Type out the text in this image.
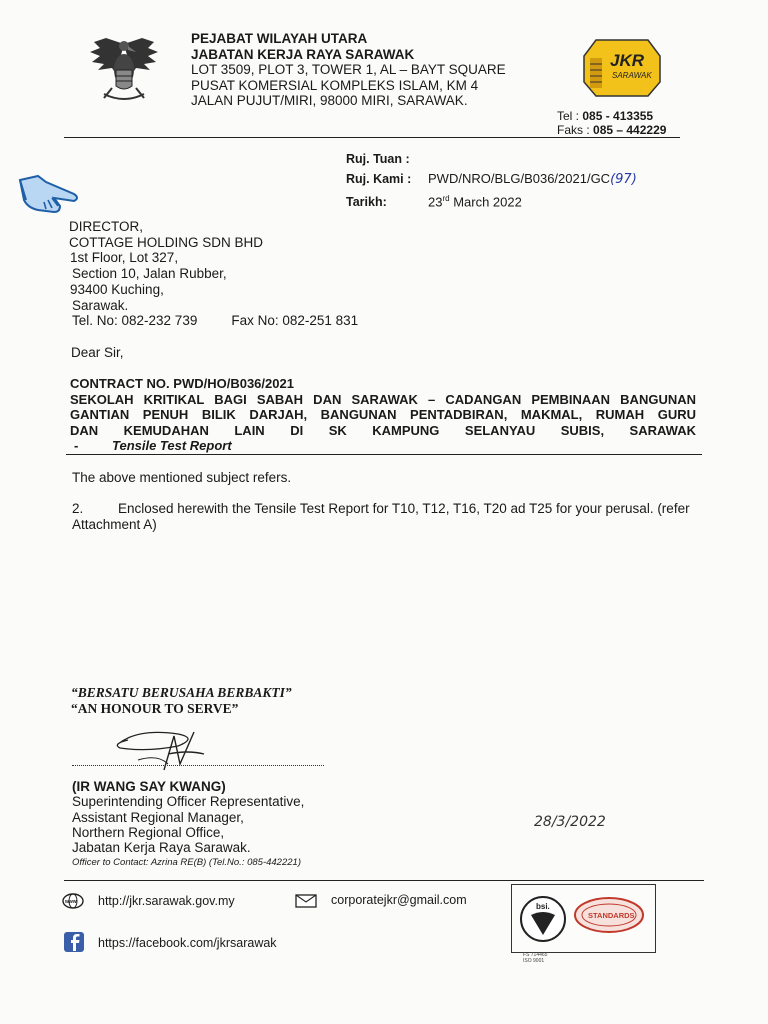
PEJABAT WILAYAH UTARA
JABATAN KERJA RAYA SARAWAK
LOT 3509, PLOT 3, TOWER 1, AL – BAYT SQUARE
PUSAT KOMERSIAL KOMPLEKS ISLAM, KM 4
JALAN PUJUT/MIRI, 98000 MIRI, SARAWAK.
JKR
SARAWAK
Tel : 085 - 413355
Faks : 085 – 442229
Ruj. Tuan :
Ruj. Kami : PWD/NRO/BLG/B036/2021/GC(97)
Tarikh:	23rd March 2022
DIRECTOR,
COTTAGE HOLDING SDN BHD
1st Floor, Lot 327,
Section 10, Jalan Rubber,
93400 Kuching,
Sarawak.
Tel. No: 082-232 739	Fax No: 082-251 831
Dear Sir,
CONTRACT NO. PWD/HO/B036/2021
SEKOLAH KRITIKAL BAGI SABAH DAN SARAWAK – CADANGAN PEMBINAAN BANGUNAN
GANTIAN PENUH BILIK DARJAH, BANGUNAN PENTADBIRAN, MAKMAL, RUMAH GURU
DAN KEMUDAHAN LAIN DI SK KAMPUNG SELANYAU SUBIS, SARAWAK
-	Tensile Test Report
The above mentioned subject refers.
2.	Enclosed herewith the Tensile Test Report for T10, T12, T16, T20 ad T25 for your perusal. (refer Attachment A)
“BERSATU BERUSAHA BERBAKTI”
“AN HONOUR TO SERVE”
(IR WANG SAY KWANG)
Superintending Officer Representative,
Assistant Regional Manager,
Northern Regional Office,
Jabatan Kerja Raya Sarawak.
Officer to Contact: Azrina RE(B) (Tel.No.: 085-442221)
28/3/2022
www http://jkr.sarawak.gov.my	corporatejkr@gmail.com
https://facebook.com/jkrsarawak
bsi.
STANDARDS
FS 714465
ISO 9001
